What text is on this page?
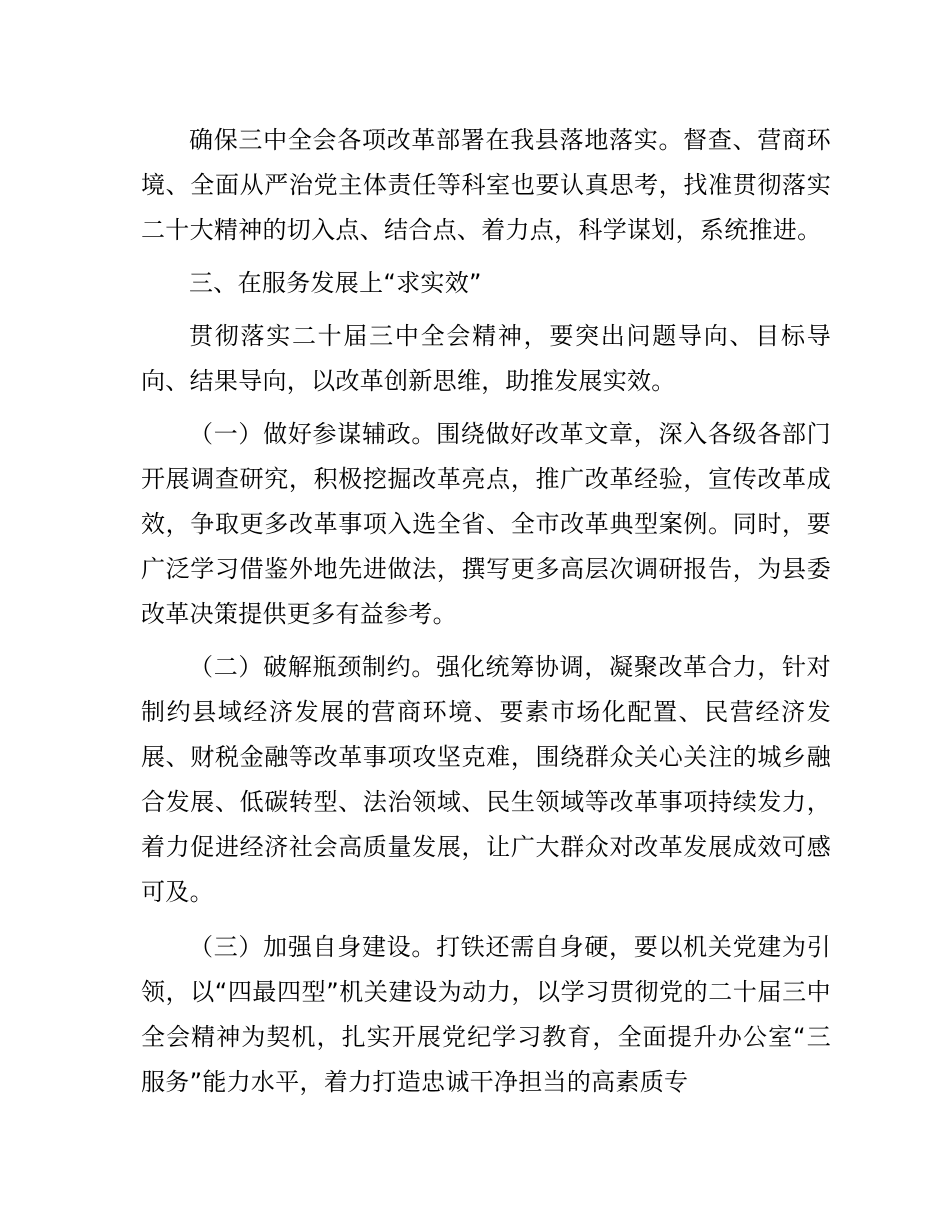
确保三中全会各项改革部署在我县落地落实。督查、营商环境、全面从严治党主体责任等科室也要认真思考，找准贯彻落实二十大精神的切入点、结合点、着力点，科学谋划，系统推进。

三、在服务发展上“求实效”

贯彻落实二十届三中全会精神，要突出问题导向、目标导向、结果导向，以改革创新思维，助推发展实效。

（一）做好参谋辅政。围绕做好改革文章，深入各级各部门开展调查研究，积极挖掘改革亮点，推广改革经验，宣传改革成效，争取更多改革事项入选全省、全市改革典型案例。同时，要广泛学习借鉴外地先进做法，撰写更多高层次调研报告，为县委改革决策提供更多有益参考。

（二）破解瓶颈制约。强化统筹协调，凝聚改革合力，针对制约县域经济发展的营商环境、要素市场化配置、民营经济发展、财税金融等改革事项攻坚克难，围绕群众关心关注的城乡融合发展、低碳转型、法治领域、民生领域等改革事项持续发力，着力促进经济社会高质量发展，让广大群众对改革发展成效可感可及。

（三）加强自身建设。打铁还需自身硬，要以机关党建为引领，以“四最四型”机关建设为动力，以学习贯彻党的二十届三中全会精神为契机，扎实开展党纪学习教育，全面提升办公室“三服务”能力水平，着力打造忠诚干净担当的高素质专
